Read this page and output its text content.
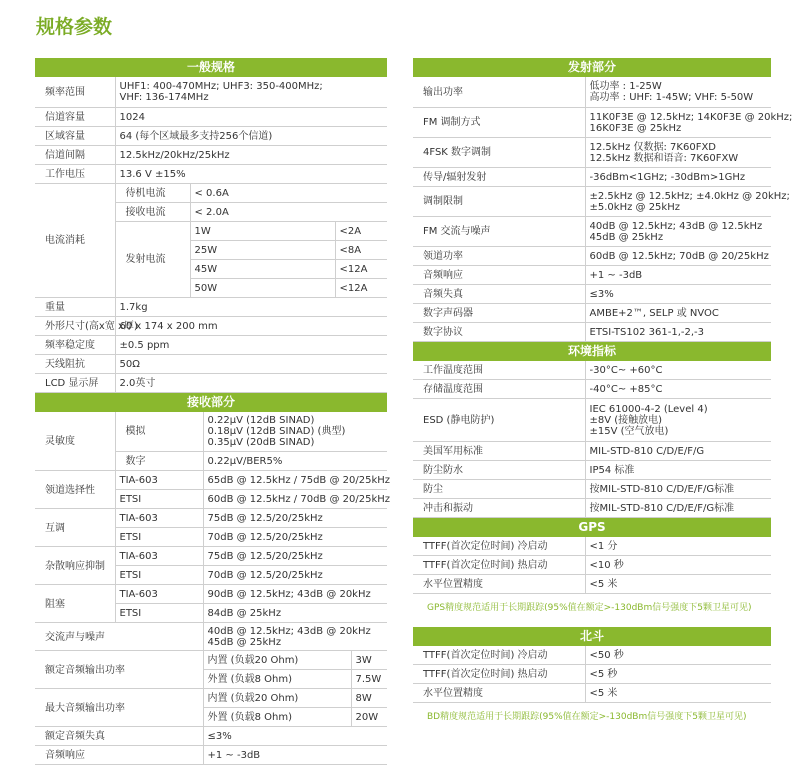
规格参数
一般规格
频率范围	UHF1: 400-470MHz; UHF3: 350-400MHz;
VHF: 136-174MHz		

信道容量	1024		
区域容量	64 (每个区域最多支持256个信道)		
信道间隔	12.5kHz/20kHz/25kHz		
工作电压	13.6 V ±15%		
电流消耗	待机电流	< 0.6A	
	接收电流	< 2.0A	
	发射电流	1W	<2A
		25W	<8A
		45W	<12A
		50W	<12A
重量	1.7kg		
外形尺寸(高x宽 x厚)	60 x 174 x 200 mm		
频率稳定度	±0.5 ppm		
天线阻抗	50Ω		
LCD 显示屏	2.0英寸		
接收部分
灵敏度	模拟	0.22μV (12dB SINAD)
0.18μV (12dB SINAD) (典型)
0.35μV (20dB SINAD)	

	数字	0.22μV/BER5%	
领道选择性	TIA-603	65dB @ 12.5kHz / 75dB @ 20/25kHz	
	ETSI	60dB @ 12.5kHz / 70dB @ 20/25kHz	
互调	TIA-603	75dB @ 12.5/20/25kHz	
	ETSI	70dB @ 12.5/20/25kHz	
杂散响应抑制	TIA-603	75dB @ 12.5/20/25kHz	
	ETSI	70dB @ 12.5/20/25kHz	
阻塞	TIA-603	90dB @ 12.5kHz; 43dB @ 20kHz	
	ETSI	84dB @ 25kHz	
交流声与噪声		40dB @ 12.5kHz; 43dB @ 20kHz
45dB @ 25kHz	

额定音频输出功率		内置 (负载20 Ohm)	3W
		外置 (负载8 Ohm)	7.5W
最大音频输出功率		内置 (负载20 Ohm)	8W
		外置 (负载8 Ohm)	20W
额定音频失真		≤3%	
音频响应		+1 ~ -3dB	
发射部分
输出功率	低功率 : 1-25W
高功率 : UHF: 1-45W; VHF: 5-50W

FM 调制方式	11K0F3E @ 12.5kHz; 14K0F3E @ 20kHz;
16K0F3E @ 25kHz

4FSK 数字调制	12.5kHz 仅数据: 7K60FXD
12.5kHz 数据和语音: 7K60FXW

传导/辐射发射	-36dBm<1GHz; -30dBm>1GHz
调制限制	±2.5kHz @ 12.5kHz; ±4.0kHz @ 20kHz;
±5.0kHz @ 25kHz

FM 交流与噪声	40dB @ 12.5kHz; 43dB @ 12.5kHz
45dB @ 25kHz

领道功率	60dB @ 12.5kHz; 70dB @ 20/25kHz
音频响应	+1 ~ -3dB
音频失真	≤3%
数字声码器	AMBE+2™, SELP 或 NVOC
数字协议	ETSI-TS102 361-1,-2,-3
环境指标
工作温度范围	-30°C~ +60°C
存储温度范围	-40°C~ +85°C
ESD (静电防护)	IEC 61000-4-2 (Level 4)
±8V (接触放电)
±15V (空气放电)

美国军用标准	MIL-STD-810 C/D/E/F/G
防尘防水	IP54 标准
防尘	按MIL-STD-810 C/D/E/F/G标准
冲击和振动	按MIL-STD-810 C/D/E/F/G标准
GPS
TTFF(首次定位时间) 冷启动	<1 分
TTFF(首次定位时间) 热启动	<10 秒
水平位置精度	<5 米
GPS精度规范适用于长期跟踪(95%值在额定>-130dBm信号强度下5颗卫星可见)
北斗
TTFF(首次定位时间) 冷启动	<50 秒
TTFF(首次定位时间) 热启动	<5 秒
水平位置精度	<5 米
BD精度规范适用于长期跟踪(95%值在额定>-130dBm信号强度下5颗卫星可见)
